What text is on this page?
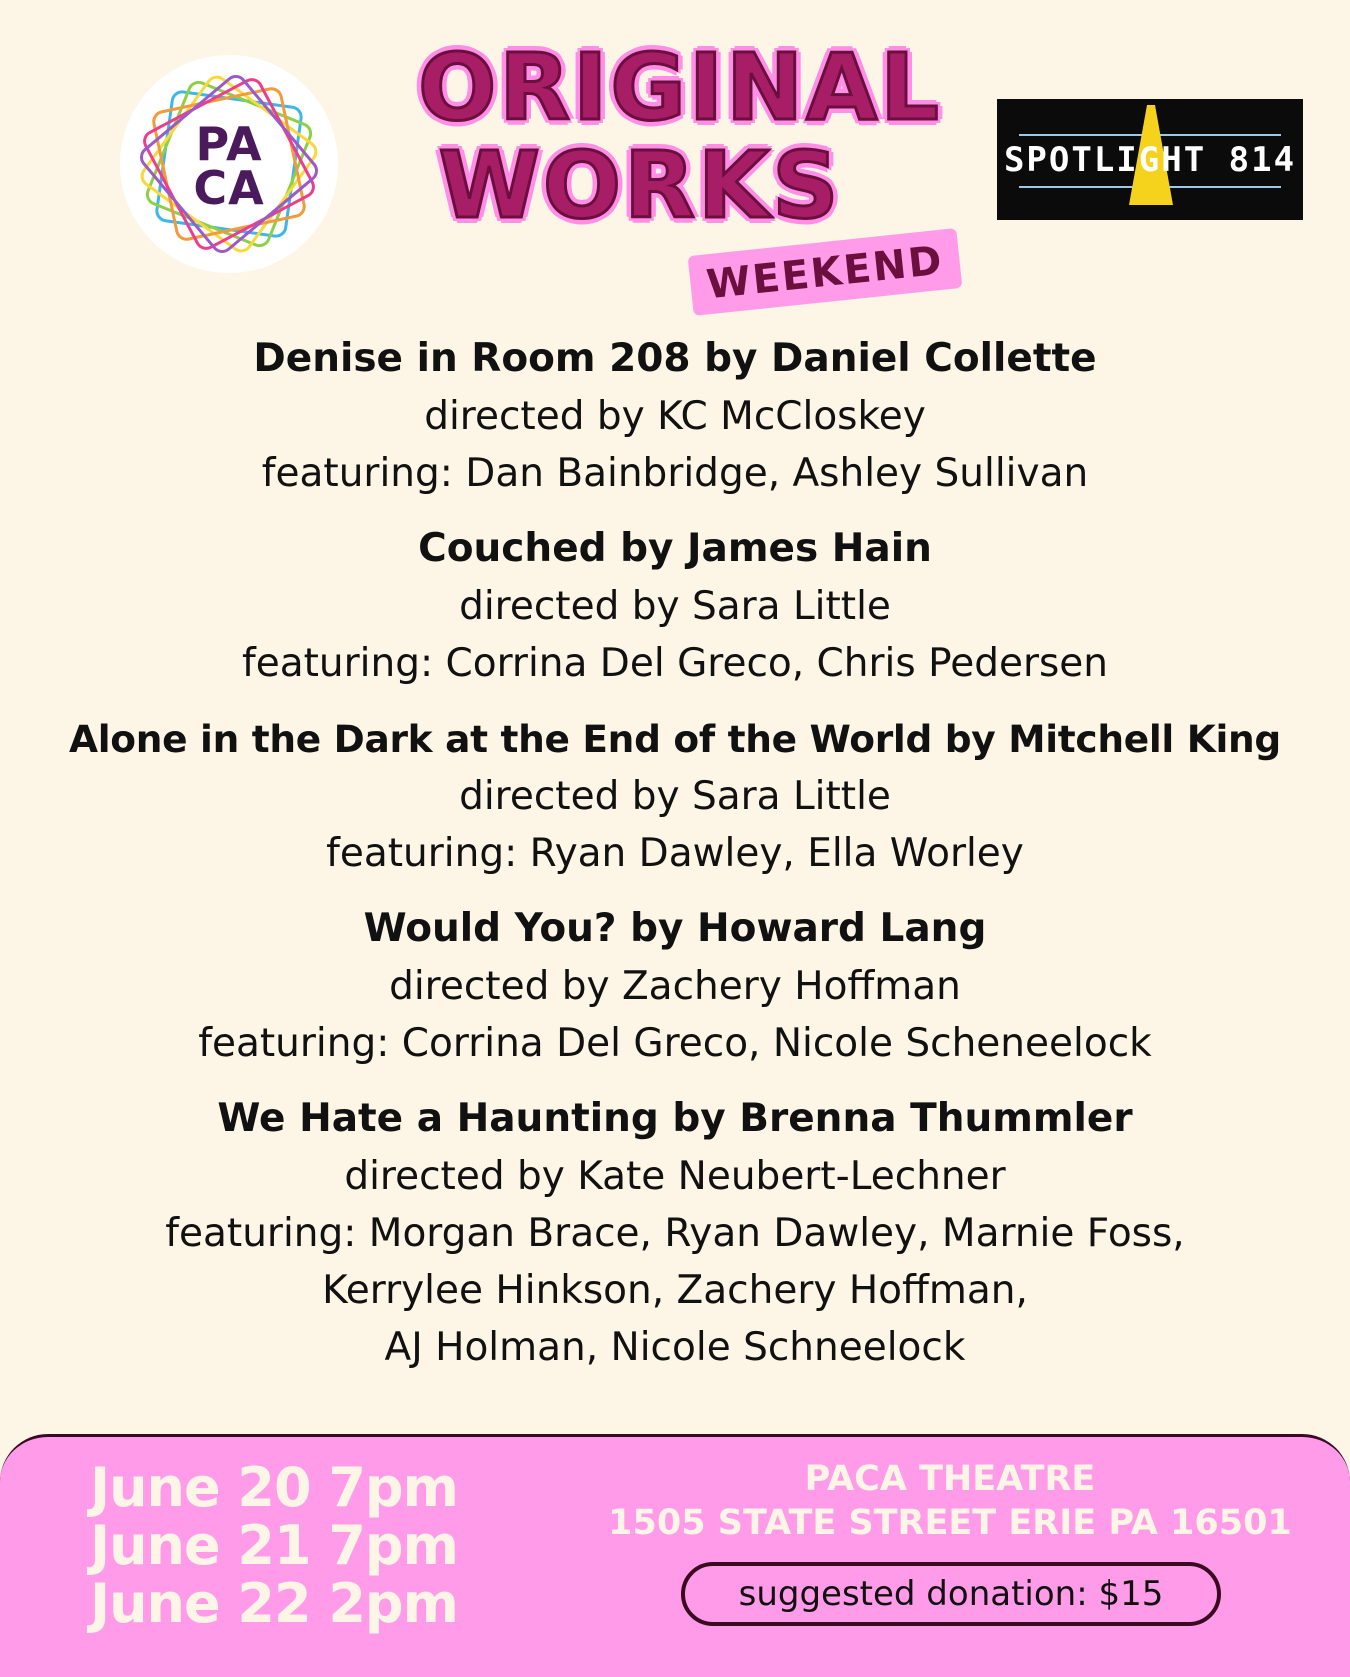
PA
CA
ORIGINAL
WORKS
WEEKEND
SPOTLIGHT 814
Denise in Room 208 by Daniel Collette
directed by KC McCloskey
featuring: Dan Bainbridge, Ashley Sullivan
Couched by James Hain
directed by Sara Little
featuring: Corrina Del Greco, Chris Pedersen
Alone in the Dark at the End of the World by Mitchell King
directed by Sara Little
featuring: Ryan Dawley, Ella Worley
Would You? by Howard Lang
directed by Zachery Hoffman
featuring: Corrina Del Greco, Nicole Scheneelock
We Hate a Haunting by Brenna Thummler
directed by Kate Neubert-Lechner
featuring: Morgan Brace, Ryan Dawley, Marnie Foss,
Kerrylee Hinkson, Zachery Hoffman,
AJ Holman, Nicole Schneelock
June 20 7pm
June 21 7pm
June 22 2pm
PACA THEATRE
1505 STATE STREET ERIE PA 16501
suggested donation: $15
